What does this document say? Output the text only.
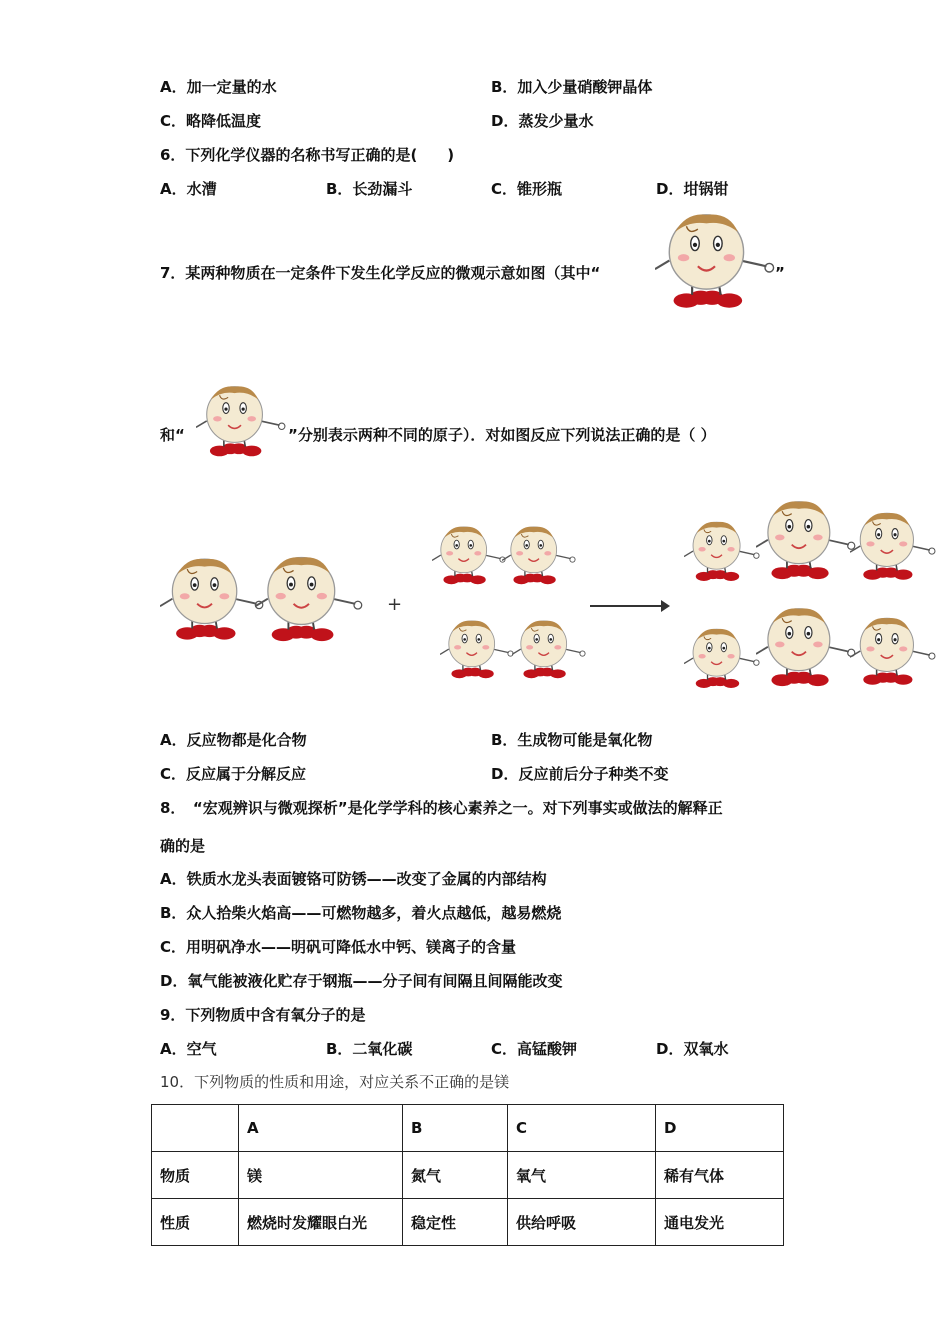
A．加一定量的水	B．加入少量硝酸钾晶体
C．略降低温度	D．蒸发少量水
6．下列化学仪器的名称书写正确的是(　　)
A．水漕	B．长劲漏斗	C．锥形瓶	D．坩锅钳
7．某两种物质在一定条件下发生化学反应的微观示意如图（其中“	”
和“	”分别表示两种不同的原子）．对如图反应下列说法正确的是（ ）
+
A．反应物都是化合物	B．生成物可能是氧化物
C．反应属于分解反应	D．反应前后分子种类不变
8．　“宏观辨识与微观探析”是化学学科的核心素养之一。对下列事实或做法的解释正
确的是
A．铁质水龙头表面镀铬可防锈——改变了金属的内部结构
B．众人拾柴火焰高——可燃物越多，着火点越低，越易燃烧
C．用明矾净水——明矾可降低水中钙、镁离子的含量
D．氧气能被液化贮存于钢瓶——分子间有间隔且间隔能改变
9．下列物质中含有氧分子的是
A．空气	B．二氧化碳	C．高锰酸钾	D．双氧水
10．下列物质的性质和用途，对应关系不正确的是镁
	A	B	C	D
物质	镁	氮气	氧气	稀有气体
性质	燃烧时发耀眼白光	稳定性	供给呼吸	通电发光
